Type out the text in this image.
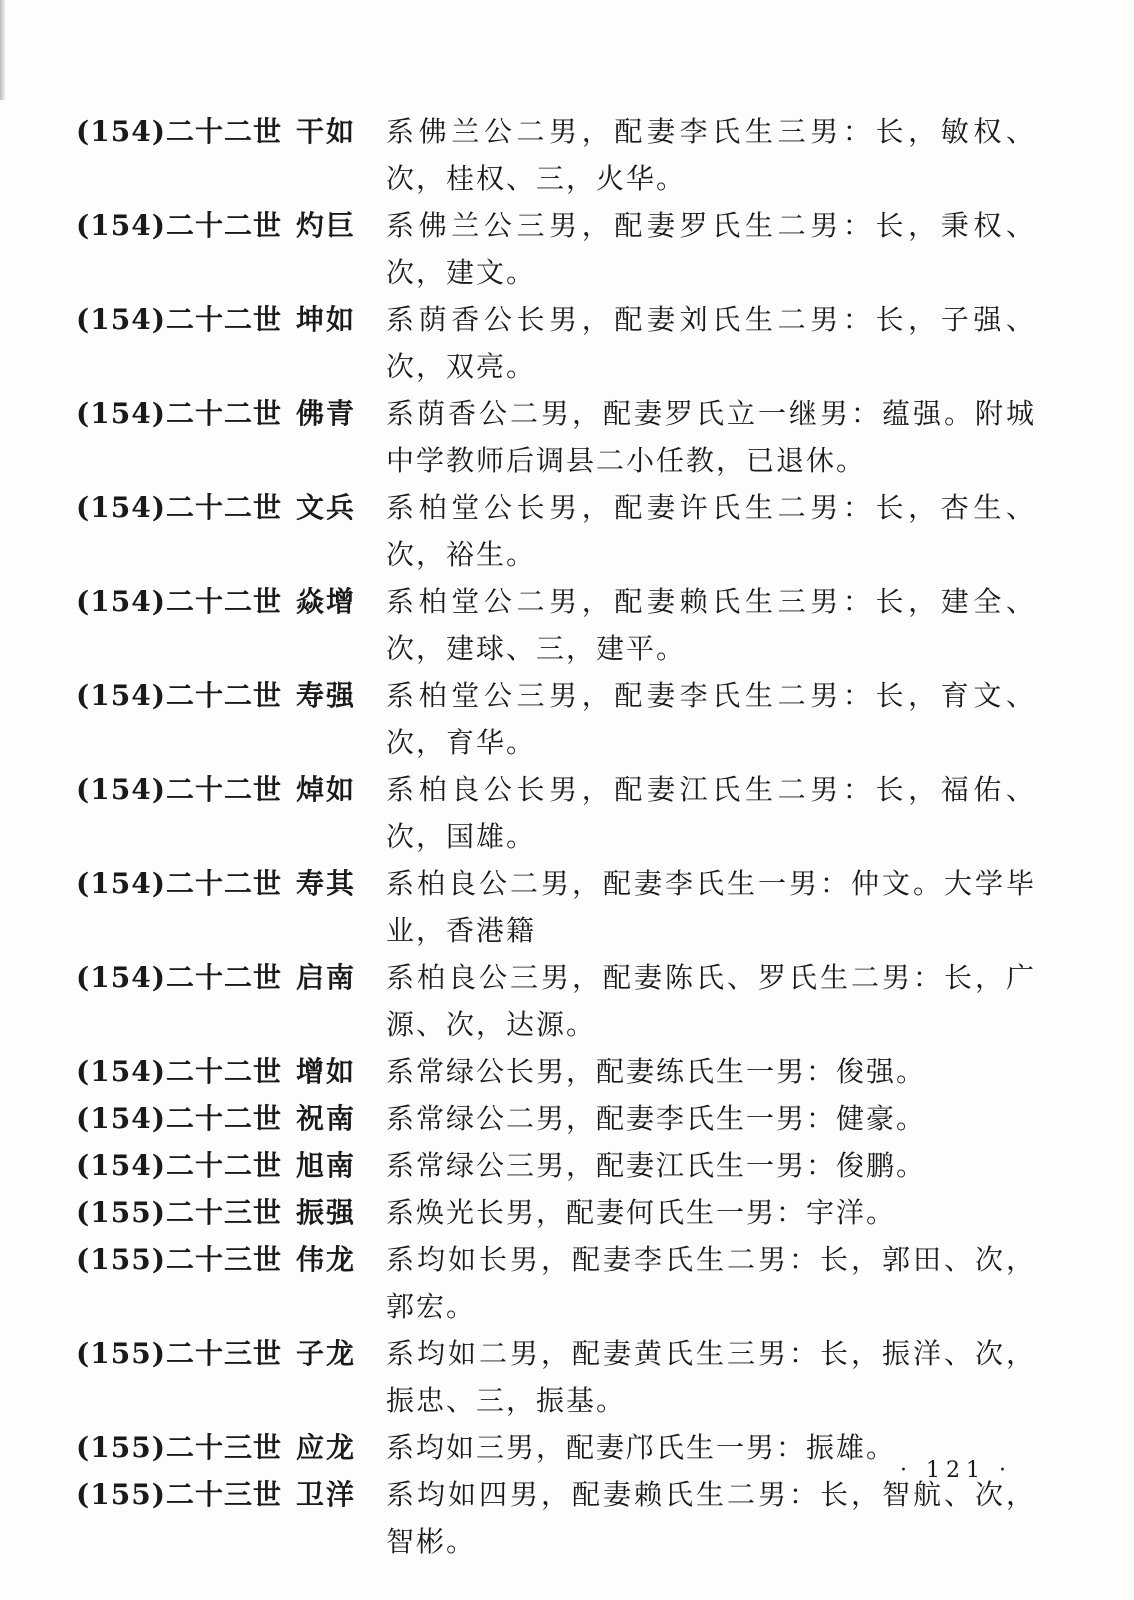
(154)二十二世 干如	系佛兰公二男，配妻李氏生三男：长，敏权、次，桂权、三，火华。
(154)二十二世 灼巨	系佛兰公三男，配妻罗氏生二男：长，秉权、次，建文。
(154)二十二世 坤如	系荫香公长男，配妻刘氏生二男：长，子强、次，双亮。
(154)二十二世 佛青	系荫香公二男，配妻罗氏立一继男：蕴强。附城中学教师后调县二小任教，已退休。
(154)二十二世 文兵	系柏堂公长男，配妻许氏生二男：长，杏生、次，裕生。
(154)二十二世 焱增	系柏堂公二男，配妻赖氏生三男：长，建全、次，建球、三，建平。
(154)二十二世 寿强	系柏堂公三男，配妻李氏生二男：长，育文、次，育华。
(154)二十二世 焯如	系柏良公长男，配妻江氏生二男：长，福佑、次，国雄。
(154)二十二世 寿其	系柏良公二男，配妻李氏生一男：仲文。大学毕业，香港籍
(154)二十二世 启南	系柏良公三男，配妻陈氏、罗氏生二男：长，广源、次，达源。
(154)二十二世 增如	系常绿公长男，配妻练氏生一男：俊强。
(154)二十二世 祝南	系常绿公二男，配妻李氏生一男：健豪。
(154)二十二世 旭南	系常绿公三男，配妻江氏生一男：俊鹏。
(155)二十三世 振强	系焕光长男，配妻何氏生一男：宇洋。
(155)二十三世 伟龙	系均如长男，配妻李氏生二男：长，郭田、次，郭宏。
(155)二十三世 子龙	系均如二男，配妻黄氏生三男：长，振洋、次，振忠、三，振基。
(155)二十三世 应龙	系均如三男，配妻邝氏生一男：振雄。
(155)二十三世 卫洋	系均如四男，配妻赖氏生二男：长，智航、次，智彬。
· 121 ·
